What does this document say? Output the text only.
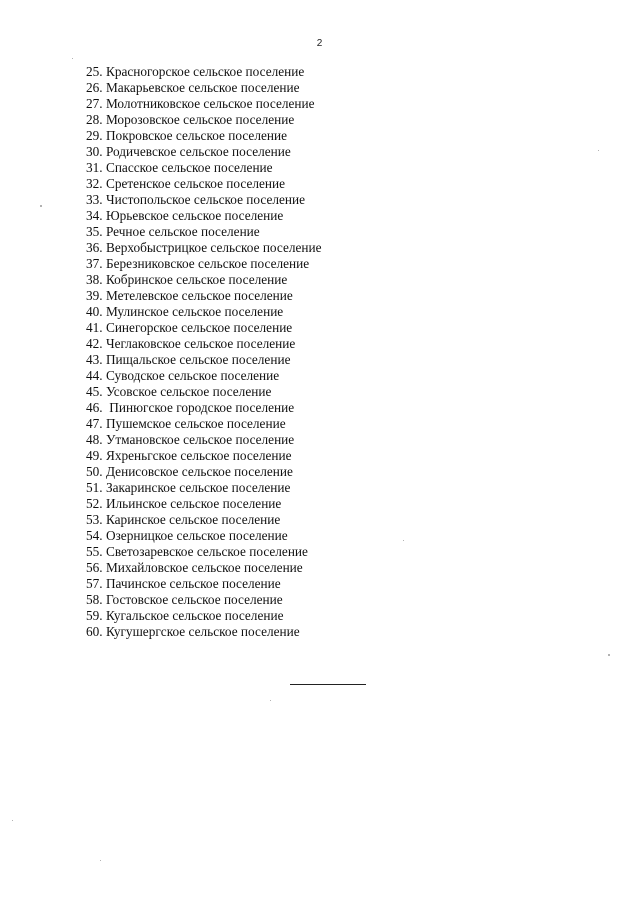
2
25. Красногорское сельское поселение
26. Макарьевское сельское поселение
27. Молотниковское сельское поселение
28. Морозовское сельское поселение
29. Покровское сельское поселение
30. Родичевское сельское поселение
31. Спасское сельское поселение
32. Сретенское сельское поселение
33. Чистопольское сельское поселение
34. Юрьевское сельское поселение
35. Речное сельское поселение
36. Верхобыстрицкое сельское поселение
37. Березниковское сельское поселение
38. Кобринское сельское поселение
39. Метелевское сельское поселение
40. Мулинское сельское поселение
41. Синегорское сельское поселение
42. Чеглаковское сельское поселение
43. Пищальское сельское поселение
44. Суводское сельское поселение
45. Усовское сельское поселение
46.  Пинюгское городское поселение
47. Пушемское сельское поселение
48. Утмановское сельское поселение
49. Яхреньгское сельское поселение
50. Денисовское сельское поселение
51. Закаринское сельское поселение
52. Ильинское сельское поселение
53. Каринское сельское поселение
54. Озерницкое сельское поселение
55. Светозаревское сельское поселение
56. Михайловское сельское поселение
57. Пачинское сельское поселение
58. Гостовское сельское поселение
59. Кугальское сельское поселение
60. Кугушергское сельское поселение
